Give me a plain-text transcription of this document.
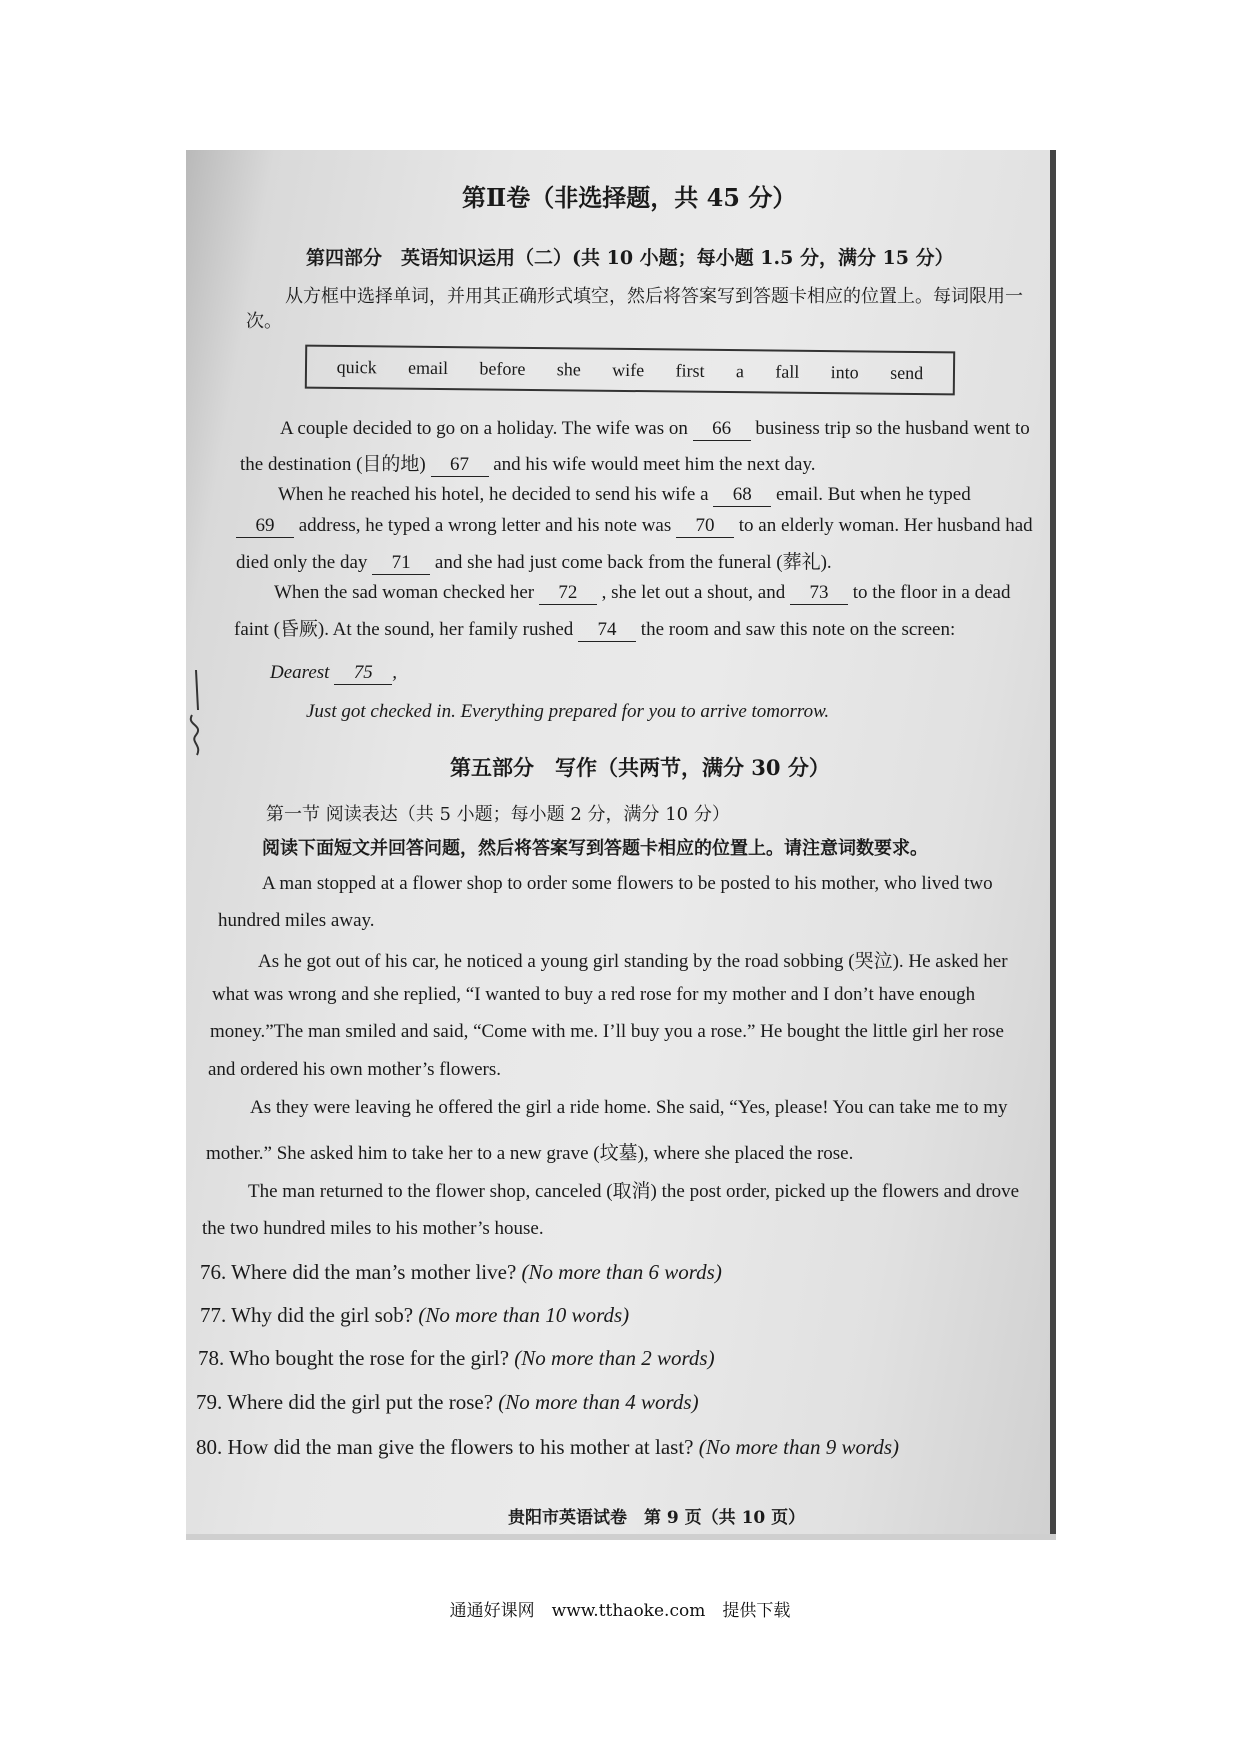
第Ⅱ卷（非选择题，共 45 分）
第四部分　英语知识运用（二）(共 10 小题；每小题 1.5 分，满分 15 分）
从方框中选择单词，并用其正确形式填空，然后将答案写到答题卡相应的位置上。每词限用一
次。
quick email before she wife first a fall into send
A couple decided to go on a holiday. The wife was on 66 business trip so the husband went to
the destination (目的地) 67 and his wife would meet him the next day.
When he reached his hotel, he decided to send his wife a 68 email. But when he typed
69 address, he typed a wrong letter and his note was 70 to an elderly woman. Her husband had
died only the day 71 and she had just come back from the funeral (葬礼).
When the sad woman checked her 72 , she let out a shout, and 73 to the floor in a dead
faint (昏厥). At the sound, her family rushed 74 the room and saw this note on the screen:
Dearest 75 ,
Just got checked in. Everything prepared for you to arrive tomorrow.
第五部分　写作（共两节，满分 30 分）
第一节 阅读表达（共 5 小题；每小题 2 分，满分 10 分）
阅读下面短文并回答问题，然后将答案写到答题卡相应的位置上。请注意词数要求。
A man stopped at a flower shop to order some flowers to be posted to his mother, who lived two
hundred miles away.
As he got out of his car, he noticed a young girl standing by the road sobbing (哭泣). He asked her
what was wrong and she replied, “I wanted to buy a red rose for my mother and I don’t have enough
money.”The man smiled and said, “Come with me. I’ll buy you a rose.” He bought the little girl her rose
and ordered his own mother’s flowers.
As they were leaving he offered the girl a ride home. She said, “Yes, please! You can take me to my
mother.” She asked him to take her to a new grave (坟墓), where she placed the rose.
The man returned to the flower shop, canceled (取消) the post order, picked up the flowers and drove
the two hundred miles to his mother’s house.
76. Where did the man’s mother live? (No more than 6 words)
77. Why did the girl sob? (No more than 10 words)
78. Who bought the rose for the girl? (No more than 2 words)
79. Where did the girl put the rose? (No more than 4 words)
80. How did the man give the flowers to his mother at last? (No more than 9 words)
贵阳市英语试卷　第 9 页（共 10 页）
通通好课网　www.tthaoke.com　提供下载
